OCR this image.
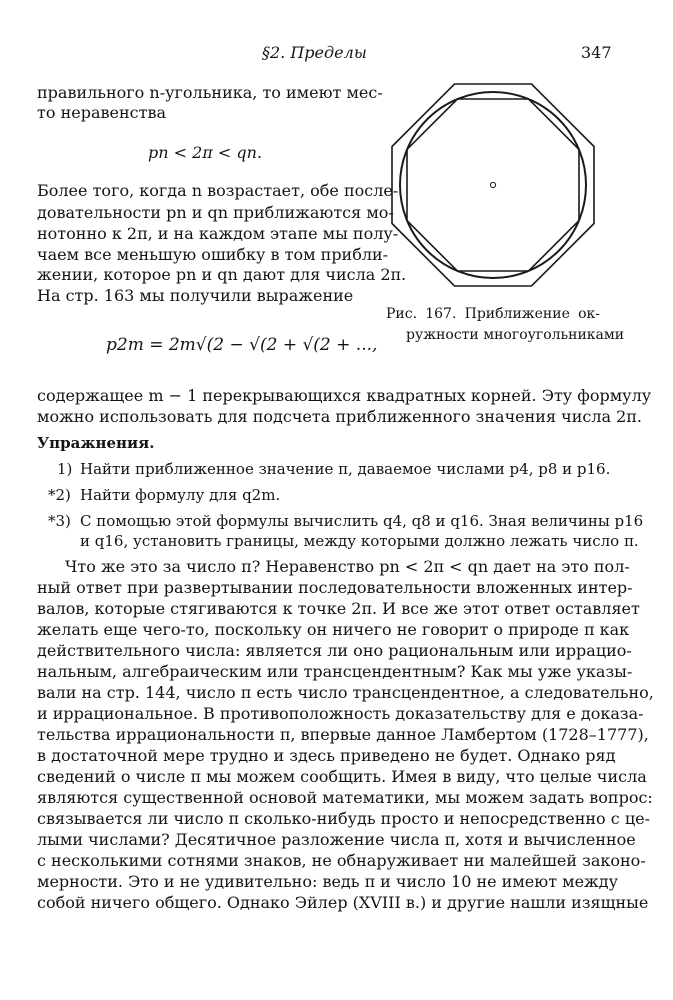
§2. Пределы	347
правильного n-угольника, то имеют мес-
то неравенства
pn < 2π < qn.
Более того, когда n возрастает, обе после-
довательности pn и qn приближаются мо-
нотонно к 2π, и на каждом этапе мы полу-
чаем все меньшую ошибку в том прибли-
жении, которое pn и qn дают для числа 2π.
На стр. 163 мы получили выражение
p2m = 2m√(2 − √(2 + √(2 + ...,
Рис. 167. Приближение ок-
ружности многоугольниками
содержащее m − 1 перекрывающихся квадратных корней. Эту формулу
можно использовать для подсчета приближенного значения числа 2π.
Упражнения.
1) Найти приближенное значение π, даваемое числами p4, p8 и p16.
*2) Найти формулу для q2m.
*3) С помощью этой формулы вычислить q4, q8 и q16. Зная величины p16
и q16, установить границы, между которыми должно лежать число π.
Что же это за число π? Неравенство pn < 2π < qn дает на это пол-
ный ответ при развертывании последовательности вложенных интер-
валов, которые стягиваются к точке 2π. И все же этот ответ оставляет
желать еще чего-то, поскольку он ничего не говорит о природе π как
действительного числа: является ли оно рациональным или иррацио-
нальным, алгебраическим или трансцендентным? Как мы уже указы-
вали на стр. 144, число π есть число трансцендентное, а следовательно,
и иррациональное. В противоположность доказательству для e доказа-
тельства иррациональности π, впервые данное Ламбертом (1728–1777),
в достаточной мере трудно и здесь приведено не будет. Однако ряд
сведений о числе π мы можем сообщить. Имея в виду, что целые числа
являются существенной основой математики, мы можем задать вопрос:
связывается ли число π сколько-нибудь просто и непосредственно с це-
лыми числами? Десятичное разложение числа π, хотя и вычисленное
с несколькими сотнями знаков, не обнаруживает ни малейшей законо-
мерности. Это и не удивительно: ведь π и число 10 не имеют между
собой ничего общего. Однако Эйлер (XVIII в.) и другие нашли изящные
